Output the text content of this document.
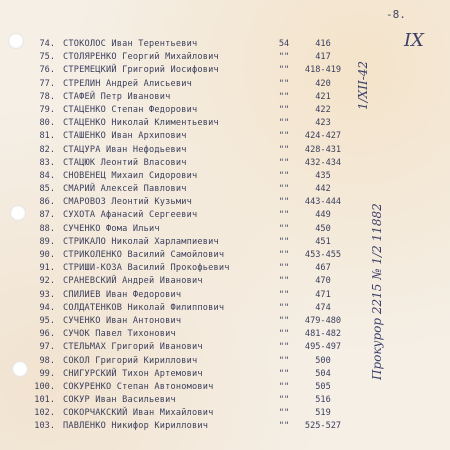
-8.
IX
74. СТОКОЛОС Иван Терентьевич	54	416
75. СТОЛЯРЕНКО Георгий Михайлович	""	417
76. СТРЕМЕЦКИЙ Григорий Иосифович	""	418-419
77. СТРЕЛИН Андрей Алисьевич	""	420
78. СТАФЕЙ Петр Иванович	""	421
79. СТАЦЕНКО Степан Федорович	""	422
80. СТАЦЕНКО Николай Климентьевич	""	423
81. СТАШЕНКО Иван Архипович	""	424-427
82. СТАЦУРА Иван Нефодьевич	""	428-431
83. СТАЦЮК Леонтий Власович	""	432-434
84. СНОВЕНЕЦ Михаил Сидорович	""	435
85. СМАРИЙ Алексей Павлович	""	442
86. СМАРОВОЗ Леонтий Кузьмич	""	443-444
87. СУХОТА Афанасий Сергеевич	""	449
88. СУЧЕНКО Фома Ильич	""	450
89. СТРИКАЛО Николай Харлампиевич	""	451
90. СТРИКОЛЕНКО Василий Самойлович	""	453-455
91. СТРИШИ-КОЗА Василий Прокофьевич	""	467
92. СРАНЕВСКИЙ Андрей Иванович	""	470
93. СПИЛИЕВ Иван Федорович	""	471
94. СОЛДАТЕНКОВ Николай Филиппович	""	474
95. СУЧЕНКО Иван Антонович	""	479-480
96. СУЧОК Павел Тихонович	""	481-482
97. СТЕЛЬМАХ Григорий Иванович	""	495-497
98. СОКОЛ Григорий Кириллович	""	500
99. СНИГУРСКИЙ Тихон Артемович	""	504
100. СОКУРЕНКО Степан Автономович	""	505
101. СОКУР Иван Васильевич	""	516
102. СОКОРЧАКСКИЙ Иван Михайлович	""	519
103. ПАВЛЕНКО Никифор Кириллович	""	525-527
1/XII-42
Прокурор 2215 № 1/2 11882
